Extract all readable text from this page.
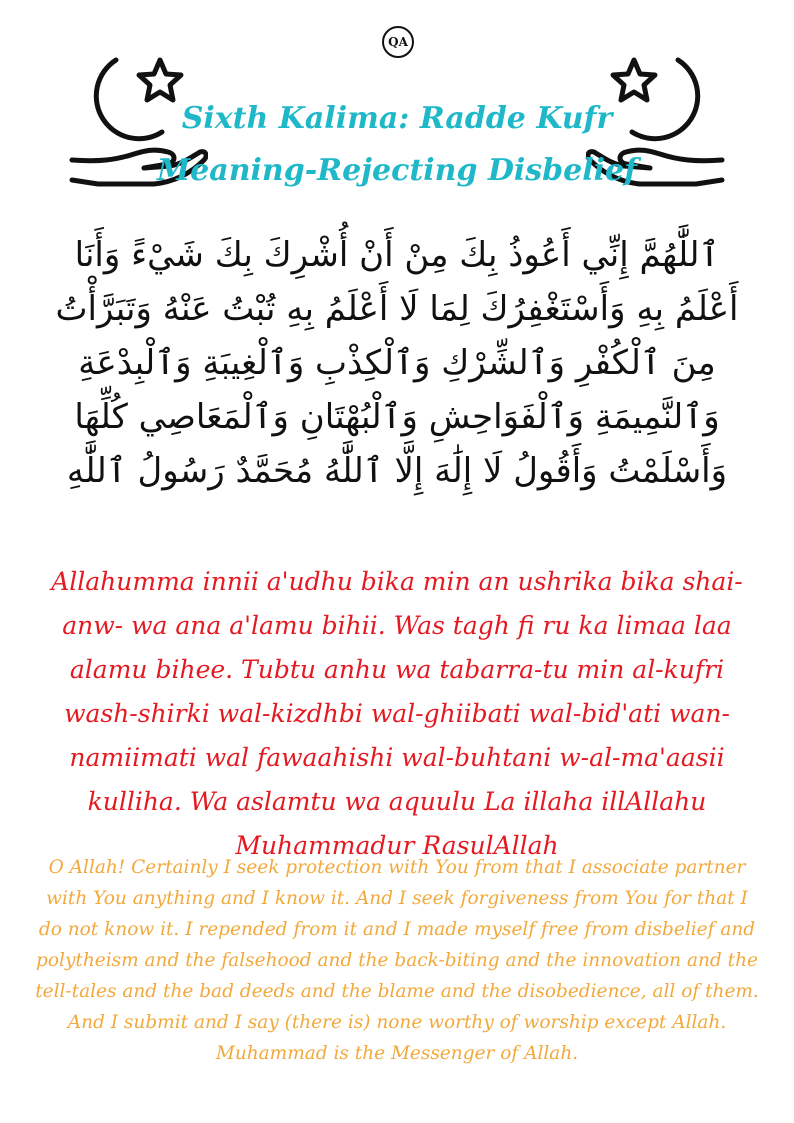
QA
Sixth Kalima: Radde Kufr
Meaning-Rejecting Disbelief

ٱللَّٰهُمَّ إِنِّي أَعُوذُ بِكَ مِنْ أَنْ أُشْرِكَ بِكَ شَيْءً وَأَنَا أَعْلَمُ بِهِ وَأَسْتَغْفِرُكَ لِمَا لَا أَعْلَمُ بِهِ تُبْتُ عَنْهُ وَتَبَرَّأْتُ مِنَ ٱلْكُفْرِ وَٱلشِّرْكِ وَٱلْكِذْبِ وَٱلْغِيبَةِ وَٱلْبِدْعَةِ وَٱلنَّمِيمَةِ وَٱلْفَوَاحِشِ وَٱلْبُهْتَانِ وَٱلْمَعَاصِي كُلِّهَا وَأَسْلَمْتُ وَأَقُولُ لَا إِلَٰهَ إِلَّا ٱللَّٰهُ مُحَمَّدٌ رَسُولُ ٱللَّٰهِ

Allahumma innii a'udhu bika min an ushrika bika shai-anw- wa ana a'lamu bihii. Was tagh fi ru ka limaa laa alamu bihee. Tubtu anhu wa tabarra-tu min al-kufri wash-shirki wal-kizdhbi wal-ghiibati wal-bid'ati wan-namiimati wal fawaahishi wal-buhtani w-al-ma'aasii kulliha. Wa aslamtu wa aquulu La illaha illAllahu Muhammadur RasulAllah

O Allah! Certainly I seek protection with You from that I associate partner with You anything and I know it. And I seek forgiveness from You for that I do not know it. I repended from it and I made myself free from disbelief and polytheism and the falsehood and the back-biting and the innovation and the tell-tales and the bad deeds and the blame and the disobedience, all of them. And I submit and I say (there is) none worthy of worship except Allah. Muhammad is the Messenger of Allah.
